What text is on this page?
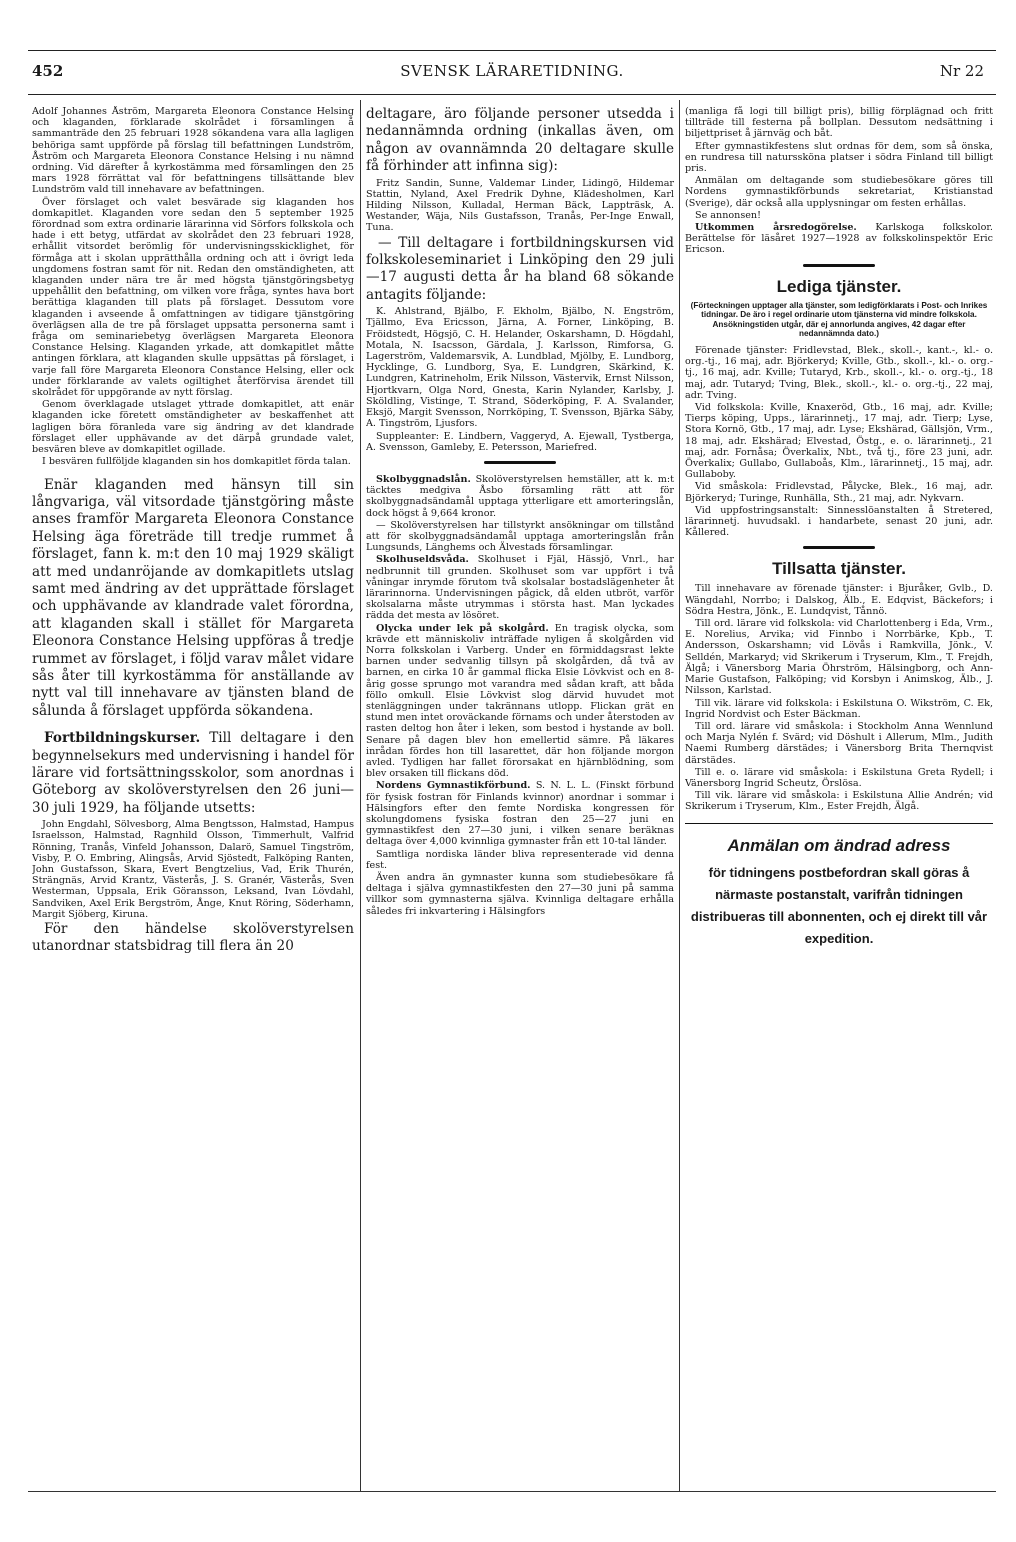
452	SVENSK LÄRARETIDNING.	Nr 22

Adolf Johannes Åström, Margareta Eleonora Constance Helsing och klaganden, förklarade skolrådet i församlingen å sammanträde den 25 februari 1928 sökandena vara alla lagligen behöriga samt uppförde på förslag till befattningen Lundström, Åström och Margareta Eleonora Constance Helsing i nu nämnd ordning. Vid därefter å kyrkostämma med församlingen den 25 mars 1928 förrättat val för befattningens tillsättande blev Lundström vald till innehavare av befattningen.

Över förslaget och valet besvärade sig klaganden hos domkapitlet. Klaganden vore sedan den 5 september 1925 förordnad som extra ordinarie lärarinna vid Sörfors folkskola och hade i ett betyg, utfärdat av skolrådet den 23 februari 1928, erhållit vitsordet berömlig för undervisningsskicklighet, för förmåga att i skolan upprätthålla ordning och att i övrigt leda ungdomens fostran samt för nit. Redan den omständigheten, att klaganden under nära tre år med högsta tjänstgöringsbetyg uppehållit den befattning, om vilken vore fråga, syntes hava bort berättiga klaganden till plats på förslaget. Dessutom vore klaganden i avseende å omfattningen av tidigare tjänstgöring överlägsen alla de tre på förslaget uppsatta personerna samt i fråga om seminariebetyg överlägsen Margareta Eleonora Constance Helsing. Klaganden yrkade, att domkapitlet måtte antingen förklara, att klaganden skulle uppsättas på förslaget, i varje fall före Margareta Eleonora Constance Helsing, eller ock under förklarande av valets ogiltighet återförvisa ärendet till skolrådet för uppgörande av nytt förslag.

Genom överklagade utslaget yttrade domkapitlet, att enär klaganden icke företett omständigheter av beskaffenhet att lagligen böra föranleda vare sig ändring av det klandrade förslaget eller upphävande av det därpå grundade valet, besvären bleve av domkapitlet ogillade.

I besvären fullföljde klaganden sin hos domkapitlet förda talan.

Enär klaganden med hänsyn till sin långvariga, väl vitsordade tjänstgöring måste anses framför Margareta Eleonora Constance Helsing äga företräde till tredje rummet å förslaget, fann k. m:t den 10 maj 1929 skäligt att med undanröjande av domkapitlets utslag samt med ändring av det upprättade förslaget och upphävande av klandrade valet förordna, att klaganden skall i stället för Margareta Eleonora Constance Helsing uppföras å tredje rummet av förslaget, i följd varav målet vidare sås åter till kyrkostämma för anställande av nytt val till innehavare av tjänsten bland de sålunda å förslaget uppförda sökandena.

Fortbildningskurser. Till deltagare i den begynnelsekurs med undervisning i handel för lärare vid fortsättningsskolor, som anordnas i Göteborg av skolöverstyrelsen den 26 juni—30 juli 1929, ha följande utsetts:

John Engdahl, Sölvesborg, Alma Bengtsson, Halmstad, Hampus Israelsson, Halmstad, Ragnhild Olsson, Timmerhult, Valfrid Rönning, Tranås, Vinfeld Johansson, Dalarö, Samuel Tingström, Visby, P. O. Embring, Alingsås, Arvid Sjöstedt, Falköping Ranten, John Gustafsson, Skara, Evert Bengtzelius, Vad, Erik Thurén, Strängnäs, Arvid Krantz, Västerås, J. S. Granér, Västerås, Sven Westerman, Uppsala, Erik Göransson, Leksand, Ivan Lövdahl, Sandviken, Axel Erik Bergström, Ånge, Knut Röring, Söderhamn, Margit Sjöberg, Kiruna.

För den händelse skolöverstyrelsen utanordnar statsbidrag till flera än 20

deltagare, äro följande personer utsedda i nedannämnda ordning (inkallas även, om någon av ovannämnda 20 deltagare skulle få förhinder att infinna sig):

Fritz Sandin, Sunne, Valdemar Linder, Lidingö, Hildemar Stattin, Nyland, Axel Fredrik Dyhne, Klädesholmen, Karl Hilding Nilsson, Kulladal, Herman Bäck, Lappträsk, A. Westander, Wäja, Nils Gustafsson, Tranås, Per-Inge Enwall, Tuna.

— Till deltagare i fortbildningskursen vid folkskoleseminariet i Linköping den 29 juli—17 augusti detta år ha bland 68 sökande antagits följande:

K. Ahlstrand, Bjälbo, F. Ekholm, Bjälbo, N. Engström, Tjällmo, Eva Ericsson, Järna, A. Forner, Linköping, B. Fröidstedt, Högsjö, C. H. Helander, Oskarshamn, D. Högdahl, Motala, N. Isacsson, Gärdala, J. Karlsson, Rimforsa, G. Lagerström, Valdemarsvik, A. Lundblad, Mjölby, E. Lundborg, Hycklinge, G. Lundborg, Sya, E. Lundgren, Skärkind, K. Lundgren, Katrineholm, Erik Nilsson, Västervik, Ernst Nilsson, Hjortkvarn, Olga Nord, Gnesta, Karin Nylander, Karlsby, J. Sköldling, Vistinge, T. Strand, Söderköping, F. A. Svalander, Eksjö, Margit Svensson, Norrköping, T. Svensson, Bjärka Säby, A. Tingström, Ljusfors.

Suppleanter: E. Lindbern, Vaggeryd, A. Ejewall, Tystberga, A. Svensson, Gamleby, E. Petersson, Mariefred.

Skolbyggnadslån. Skolöverstyrelsen hemställer, att k. m:t täcktes medgiva Åsbo församling rätt att för skolbyggnadsändamål upptaga ytterligare ett amorteringslån, dock högst å 9,664 kronor.

— Skolöverstyrelsen har tillstyrkt ansökningar om tillstånd att för skolbyggnadsändamål upptaga amorteringslån från Lungsunds, Länghems och Älvestads församlingar.

Skolhuseldsvåda. Skolhuset i Fjäl, Hässjö, Vnrl., har nedbrunnit till grunden. Skolhuset som var uppfört i två våningar inrymde förutom två skolsalar bostadslägenheter åt lärarinnorna. Undervisningen pågick, då elden utbröt, varför skolsalarna måste utrymmas i största hast. Man lyckades rädda det mesta av lösöret.

Olycka under lek på skolgård. En tragisk olycka, som krävde ett människoliv inträffade nyligen å skolgården vid Norra folkskolan i Varberg. Under en förmiddagsrast lekte barnen under sedvanlig tillsyn på skolgården, då två av barnen, en cirka 10 år gammal flicka Elsie Lövkvist och en 8-årig gosse sprungo mot varandra med sådan kraft, att båda föllo omkull. Elsie Lövkvist slog därvid huvudet mot stenläggningen under takrännans utlopp. Flickan grät en stund men intet oroväckande förnams och under återstoden av rasten deltog hon åter i leken, som bestod i hystande av boll. Senare på dagen blev hon emellertid sämre. På läkares inrådan fördes hon till lasarettet, där hon följande morgon avled. Tydligen har fallet förorsakat en hjärnblödning, som blev orsaken till flickans död.

Nordens Gymnastikförbund. S. N. L. L. (Finskt förbund för fysisk fostran för Finlands kvinnor) anordnar i sommar i Hälsingfors efter den femte Nordiska kongressen för skolungdomens fysiska fostran den 25—27 juni en gymnastikfest den 27—30 juni, i vilken senare beräknas deltaga över 4,000 kvinnliga gymnaster från ett 10-tal länder.

Samtliga nordiska länder bliva representerade vid denna fest.

Även andra än gymnaster kunna som studiebesökare få deltaga i själva gymnastikfesten den 27—30 juni på samma villkor som gymnasterna själva. Kvinnliga deltagare erhålla således fri inkvartering i Hälsingfors

(manliga få logi till billigt pris), billig förplägnad och fritt tillträde till festerna på bollplan. Dessutom nedsättning i biljettpriset å järnväg och båt.

Efter gymnastikfestens slut ordnas för dem, som så önska, en rundresa till naturssköna platser i södra Finland till billigt pris.

Anmälan om deltagande som studiebesökare göres till Nordens gymnastikförbunds sekretariat, Kristianstad (Sverige), där också alla upplysningar om festen erhållas.

Se annonsen!

Utkommen årsredogörelse. Karlskoga folkskolor. Berättelse för läsåret 1927—1928 av folkskolinspektör Eric Ericson.

Lediga tjänster.
(Förteckningen upptager alla tjänster, som ledigförklarats i Post- och Inrikes tidningar. De äro i regel ordinarie utom tjänsterna vid mindre folkskola. Ansökningstiden utgår, där ej annorlunda angives, 42 dagar efter nedannämnda dato.)

Förenade tjänster: Fridlevstad, Blek., skoll.-, kant.-, kl.- o. org.-tj., 16 maj, adr. Björkeryd; Kville, Gtb., skoll.-, kl.- o. org.-tj., 16 maj, adr. Kville; Tutaryd, Krb., skoll.-, kl.- o. org.-tj., 18 maj, adr. Tutaryd; Tving, Blek., skoll.-, kl.- o. org.-tj., 22 maj, adr. Tving.

Vid folkskola: Kville, Knaxeröd, Gtb., 16 maj, adr. Kville; Tierps köping, Upps., lärarinnetj., 17 maj, adr. Tierp; Lyse, Stora Kornö, Gtb., 17 maj, adr. Lyse; Ekshärad, Gällsjön, Vrm., 18 maj, adr. Ekshärad; Elvestad, Östg., e. o. lärarinnetj., 21 maj, adr. Fornåsa; Överkalix, Nbt., två tj., före 23 juni, adr. Överkalix; Gullabo, Gullaboås, Klm., lärarinnetj., 15 maj, adr. Gullaboby.

Vid småskola: Fridlevstad, Pålycke, Blek., 16 maj, adr. Björkeryd; Turinge, Runhälla, Sth., 21 maj, adr. Nykvarn.

Vid uppfostringsanstalt: Sinnesslöanstalten å Stretered, lärarinnetj. huvudsakl. i handarbete, senast 20 juni, adr. Kållered.

Tillsatta tjänster.

Till innehavare av förenade tjänster: i Bjuråker, Gvlb., D. Wängdahl, Norrbo; i Dalskog, Älb., E. Edqvist, Bäckefors; i Södra Hestra, Jönk., E. Lundqvist, Tånnö.

Till ord. lärare vid folkskola: vid Charlottenberg i Eda, Vrm., E. Norelius, Arvika; vid Finnbo i Norrbärke, Kpb., T. Andersson, Oskarshamn; vid Lövås i Ramkvilla, Jönk., V. Selldén, Markaryd; vid Skrikerum i Tryserum, Klm., T. Frejdh, Älgå; i Vänersborg Maria Öhrström, Hälsingborg, och Ann-Marie Gustafson, Falköping; vid Korsbyn i Animskog, Älb., J. Nilsson, Karlstad.

Till vik. lärare vid folkskola: i Eskilstuna O. Wikström, C. Ek, Ingrid Nordvist och Ester Bäckman.

Till ord. lärare vid småskola: i Stockholm Anna Wennlund och Marja Nylén f. Svärd; vid Döshult i Allerum, Mlm., Judith Naemi Rumberg därstädes; i Vänersborg Brita Thernqvist därstädes.

Till e. o. lärare vid småskola: i Eskilstuna Greta Rydell; i Vänersborg Ingrid Scheutz, Örslösa.

Till vik. lärare vid småskola: i Eskilstuna Allie Andrén; vid Skrikerum i Tryserum, Klm., Ester Frejdh, Älgå.

Anmälan om ändrad adress
för tidningens postbefordran skall göras å närmaste postanstalt, varifrån tidningen distribueras till abonnenten, och ej direkt till vår expedition.
